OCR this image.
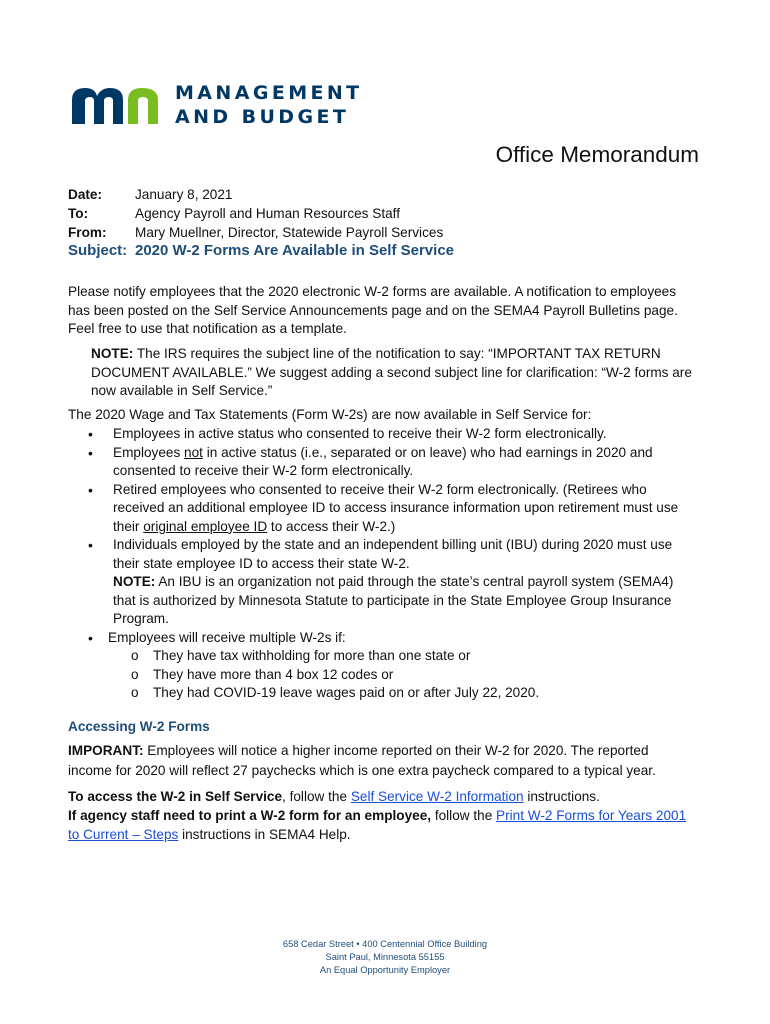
MANAGEMENT
AND BUDGET
Office Memorandum
Date: January 8, 2021
To:	Agency Payroll and Human Resources Staff
From: Mary Muellner, Director, Statewide Payroll Services
Subject: 2020 W-2 Forms Are Available in Self Service
Please notify employees that the 2020 electronic W-2 forms are available. A notification to employees
has been posted on the Self Service Announcements page and on the SEMA4 Payroll Bulletins page.
Feel free to use that notification as a template.
NOTE: The IRS requires the subject line of the notification to say: “IMPORTANT TAX RETURN
DOCUMENT AVAILABLE.” We suggest adding a second subject line for clarification: “W-2 forms are
now available in Self Service.”
The 2020 Wage and Tax Statements (Form W-2s) are now available in Self Service for:
• Employees in active status who consented to receive their W-2 form electronically.
• Employees not in active status (i.e., separated or on leave) who had earnings in 2020 and
consented to receive their W-2 form electronically.
• Retired employees who consented to receive their W-2 form electronically. (Retirees who
received an additional employee ID to access insurance information upon retirement must use
their original employee ID to access their W-2.)
• Individuals employed by the state and an independent billing unit (IBU) during 2020 must use
their state employee ID to access their state W-2.
NOTE: An IBU is an organization not paid through the state’s central payroll system (SEMA4)
that is authorized by Minnesota Statute to participate in the State Employee Group Insurance
Program.
• Employees will receive multiple W-2s if:
o They have tax withholding for more than one state or
o They have more than 4 box 12 codes or
o They had COVID-19 leave wages paid on or after July 22, 2020.
Accessing W-2 Forms
IMPORANT: Employees will notice a higher income reported on their W-2 for 2020. The reported
income for 2020 will reflect 27 paychecks which is one extra paycheck compared to a typical year.
To access the W-2 in Self Service, follow the Self Service W-2 Information instructions.
If agency staff need to print a W-2 form for an employee, follow the Print W-2 Forms for Years 2001
to Current – Steps instructions in SEMA4 Help.
658 Cedar Street • 400 Centennial Office Building
Saint Paul, Minnesota 55155
An Equal Opportunity Employer
